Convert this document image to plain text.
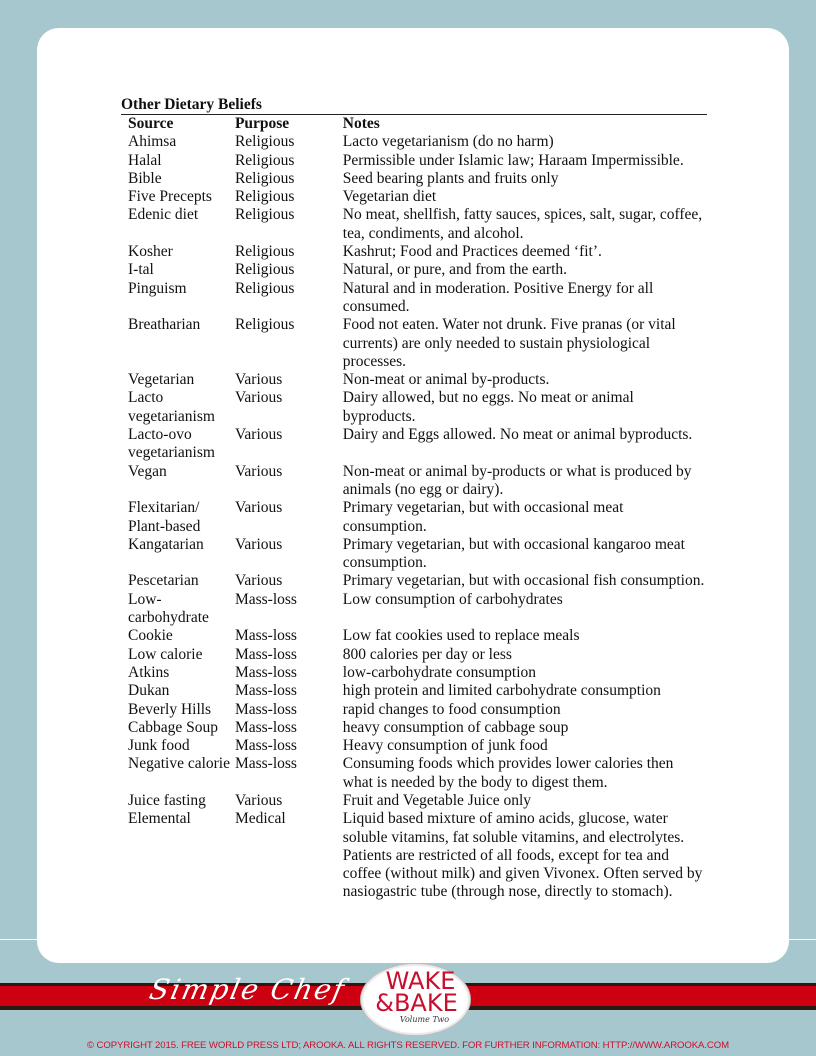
Other Dietary Beliefs
Source	Purpose	Notes
Ahimsa	Religious	Lacto vegetarianism (do no harm)
Halal	Religious	Permissible under Islamic law; Haraam Impermissible.
Bible	Religious	Seed bearing plants and fruits only
Five Precepts	Religious	Vegetarian diet
Edenic diet	Religious	No meat, shellfish, fatty sauces, spices, salt, sugar, coffee, tea, condiments, and alcohol.
Kosher	Religious	Kashrut; Food and Practices deemed ‘fit’.
I-tal	Religious	Natural, or pure, and from the earth.
Pinguism	Religious	Natural and in moderation. Positive Energy for all consumed.
Breatharian	Religious	Food not eaten. Water not drunk. Five pranas (or vital currents) are only needed to sustain physiological processes.
Vegetarian	Various	Non-meat or animal by-products.
Lacto vegetarianism	Various	Dairy allowed, but no eggs. No meat or animal byproducts.
Lacto-ovo vegetarianism	Various	Dairy and Eggs allowed. No meat or animal byproducts.
Vegan	Various	Non-meat or animal by-products or what is produced by animals (no egg or dairy).
Flexitarian/ Plant-based	Various	Primary vegetarian, but with occasional meat consumption.
Kangatarian	Various	Primary vegetarian, but with occasional kangaroo meat consumption.
Pescetarian	Various	Primary vegetarian, but with occasional fish consumption.
Low-carbohydrate	Mass-loss	Low consumption of carbohydrates
Cookie	Mass-loss	Low fat cookies used to replace meals
Low calorie	Mass-loss	800 calories per day or less
Atkins	Mass-loss	low-carbohydrate consumption
Dukan	Mass-loss	high protein and limited carbohydrate consumption
Beverly Hills	Mass-loss	rapid changes to food consumption
Cabbage Soup	Mass-loss	heavy consumption of cabbage soup
Junk food	Mass-loss	Heavy consumption of junk food
Negative calorie	Mass-loss	Consuming foods which provides lower calories then what is needed by the body to digest them.
Juice fasting	Various	Fruit and Vegetable Juice only
Elemental	Medical	Liquid based mixture of amino acids, glucose, water soluble vitamins, fat soluble vitamins, and electrolytes. Patients are restricted of all foods, except for tea and coffee (without milk) and given Vivonex. Often served by nasiogastric tube (through nose, directly to stomach).
Simple Chef	WAKE
&BAKE
Volume Two
© COPYRIGHT 2015. FREE WORLD PRESS LTD; AROOKA. ALL RIGHTS RESERVED. FOR FURTHER INFORMATION: HTTP://WWW.AROOKA.COM
